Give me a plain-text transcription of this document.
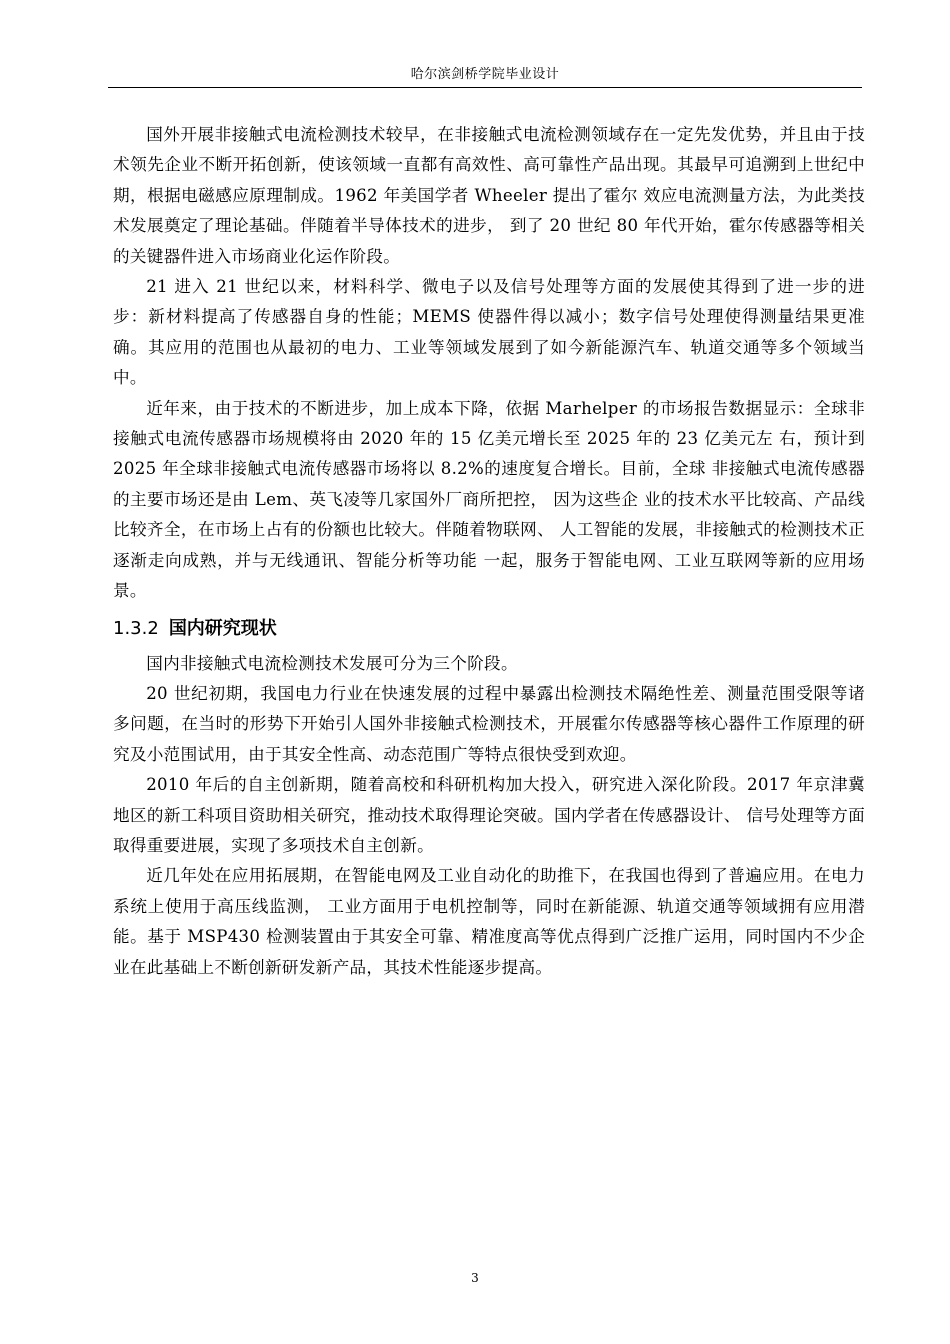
哈尔滨剑桥学院毕业设计

国外开展非接触式电流检测技术较早，在非接触式电流检测领域存在一定先发优势，并且由于技术领先企业不断开拓创新，使该领域一直都有高效性、高可靠性产品出现。其最早可追溯到上世纪中期，根据电磁感应原理制成。1962 年美国学者 Wheeler 提出了霍尔 效应电流测量方法，为此类技术发展奠定了理论基础。伴随着半导体技术的进步， 到了 20 世纪 80 年代开始，霍尔传感器等相关的关键器件进入市场商业化运作阶段。

21 进入 21 世纪以来，材料科学、微电子以及信号处理等方面的发展使其得到了进一步的进步：新材料提高了传感器自身的性能；MEMS 使器件得以减小；数字信号处理使得测量结果更准确。其应用的范围也从最初的电力、工业等领域发展到了如今新能源汽车、轨道交通等多个领域当中。

近年来，由于技术的不断进步，加上成本下降，依据 Marhelper 的市场报告数据显示：全球非接触式电流传感器市场规模将由 2020 年的 15 亿美元增长至 2025 年的 23 亿美元左 右，预计到 2025 年全球非接触式电流传感器市场将以 8.2%的速度复合增长。目前，全球 非接触式电流传感器的主要市场还是由 Lem、英飞凌等几家国外厂商所把控， 因为这些企 业的技术水平比较高、产品线比较齐全，在市场上占有的份额也比较大。伴随着物联网、 人工智能的发展，非接触式的检测技术正逐渐走向成熟，并与无线通讯、智能分析等功能 一起，服务于智能电网、工业互联网等新的应用场景。

1.3.2 国内研究现状

国内非接触式电流检测技术发展可分为三个阶段。

20 世纪初期，我国电力行业在快速发展的过程中暴露出检测技术隔绝性差、测量范围受限等诸多问题，在当时的形势下开始引人国外非接触式检测技术，开展霍尔传感器等核心器件工作原理的研究及小范围试用，由于其安全性高、动态范围广等特点很快受到欢迎。

2010 年后的自主创新期，随着高校和科研机构加大投入，研究进入深化阶段。2017 年京津冀地区的新工科项目资助相关研究，推动技术取得理论突破。国内学者在传感器设计、 信号处理等方面取得重要进展，实现了多项技术自主创新。

近几年处在应用拓展期，在智能电网及工业自动化的助推下，在我国也得到了普遍应用。在电力系统上使用于高压线监测， 工业方面用于电机控制等，同时在新能源、轨道交通等领域拥有应用潜能。基于 MSP430 检测装置由于其安全可靠、精准度高等优点得到广泛推广运用，同时国内不少企业在此基础上不断创新研发新产品，其技术性能逐步提高。

3
